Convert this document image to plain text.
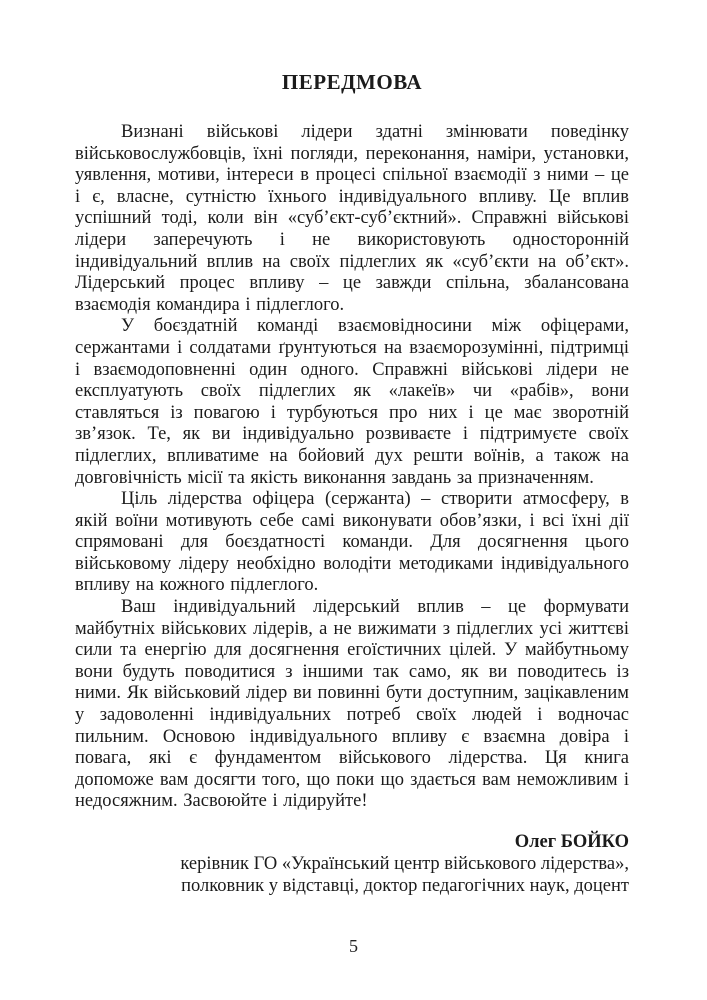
ПЕРЕДМОВА

Визнані військові лідери здатні змінювати поведінку військовослужбовців, їхні погляди, переконання, наміри, установки, уявлення, мотиви, інтереси в процесі спільної взаємодії з ними – це і є, власне, сутністю їхнього індивідуального впливу. Це вплив успішний тоді, коли він «суб’єкт-суб’єктний». Справжні військові лідери заперечують і не використовують односторонній індивідуальний вплив на своїх підлеглих як «суб’єкти на об’єкт». Лідерський процес впливу – це завжди спільна, збалансована взаємодія командира і підлеглого.

У боєздатній команді взаємовідносини між офіцерами, сержантами і солдатами ґрунтуються на взаєморозумінні, підтримці і взаємодоповненні один одного. Справжні військові лідери не експлуатують своїх підлеглих як «лакеїв» чи «рабів», вони ставляться із повагою і турбуються про них і це має зворотній зв’язок. Те, як ви індивідуально розвиваєте і підтримуєте своїх підлеглих, впливатиме на бойовий дух решти воїнів, а також на довговічність місії та якість виконання завдань за призначенням.

Ціль лідерства офіцера (сержанта) – створити атмосферу, в якій воїни мотивують себе самі виконувати обов’язки, і всі їхні дії спрямовані для боєздатності команди. Для досягнення цього військовому лідеру необхідно володіти методиками індивідуального впливу на кожного підлеглого.

Ваш індивідуальний лідерський вплив – це формувати майбутніх військових лідерів, а не вижимати з підлеглих усі життєві сили та енергію для досягнення егоїстичних цілей. У майбутньому вони будуть поводитися з іншими так само, як ви поводитесь із ними. Як військовий лідер ви повинні бути доступним, зацікавленим у задоволенні індивідуальних потреб своїх людей і водночас пильним. Основою індивідуального впливу є взаємна довіра і повага, які є фундаментом військового лідерства. Ця книга допоможе вам досягти того, що поки що здається вам неможливим і недосяжним. Засвоюйте і лідируйте!

Олег БОЙКО
керівник ГО «Український центр військового лідерства»,
полковник у відставці, доктор педагогічних наук, доцент
5
